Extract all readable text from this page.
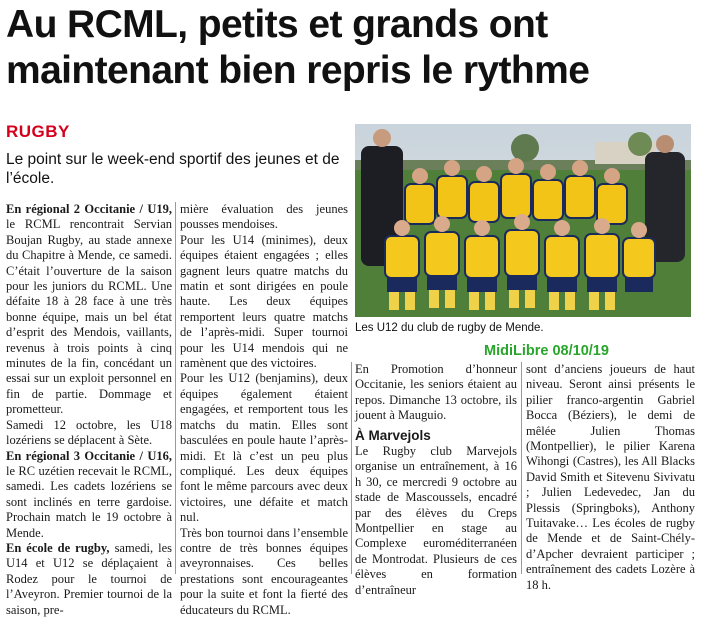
Au RCML, petits et grands ont maintenant bien repris le rythme
RUGBY
Le point sur le week-end sportif des jeunes et de l’école.

En régional 2 Occitanie / U19, le RCML rencontrait Servian Boujan Rugby, au stade annexe du Chapitre à Mende, ce samedi. C’était l’ouverture de la saison pour les juniors du RCML. Une défaite 18 à 28 face à une très bonne équipe, mais un bel état d’esprit des Mendois, vaillants, revenus à trois points à cinq minutes de la fin, concédant un essai sur un exploit personnel en fin de partie. Dommage et prometteur.

Samedi 12 octobre, les U18 lozériens se déplacent à Sète.

En régional 3 Occitanie / U16, le RC uzétien recevait le RCML, samedi. Les cadets lozériens se sont inclinés en terre gardoise. Prochain match le 19 octobre à Mende.

En école de rugby, samedi, les U14 et U12 se déplaçaient à Rodez pour le tournoi de l’Aveyron. Premier tournoi de la saison, pre-

mière évaluation des jeunes pousses mendoises.

Pour les U14 (minimes), deux équipes étaient engagées ; elles gagnent leurs quatre matchs du matin et sont dirigées en poule haute. Les deux équipes remportent leurs quatre matchs de l’après-midi. Super tournoi pour les U14 mendois qui ne ramènent que des victoires.

Pour les U12 (benjamins), deux équipes également étaient engagées, et remportent tous les matchs du matin. Elles sont basculées en poule haute l’après-midi. Et là c’est un peu plus compliqué. Les deux équipes font le même parcours avec deux victoires, une défaite et match nul.

Très bon tournoi dans l’ensemble contre de très bonnes équipes aveyronnaises. Ces belles prestations sont encourageantes pour la suite et font la fierté des éducateurs du RCML.

Les U12 du club de rugby de Mende.
MidiLibre 08/10/19

En Promotion d’honneur Occitanie, les seniors étaient au repos. Dimanche 13 octobre, ils jouent à Mauguio.

À Marvejols

Le Rugby club Marvejols organise un entraînement, à 16 h 30, ce mercredi 9 octobre au stade de Mascoussels, encadré par des élèves du Creps Montpellier en stage au Complexe euroméditerranéen de Montrodat. Plusieurs de ces élèves en formation d’entraîneur

sont d’anciens joueurs de haut niveau. Seront ainsi présents le pilier franco-argentin Gabriel Bocca (Béziers), le demi de mêlée Julien Thomas (Montpellier), le pilier Karena Wihongi (Castres), les All Blacks David Smith et Sitevenu Sivivatu ; Julien Ledevedec, Jan du Plessis (Springboks), Anthony Tuitavake… Les écoles de rugby de Mende et de Saint-Chély-d’Apcher devraient participer ; entraînement des cadets Lozère à 18 h.
